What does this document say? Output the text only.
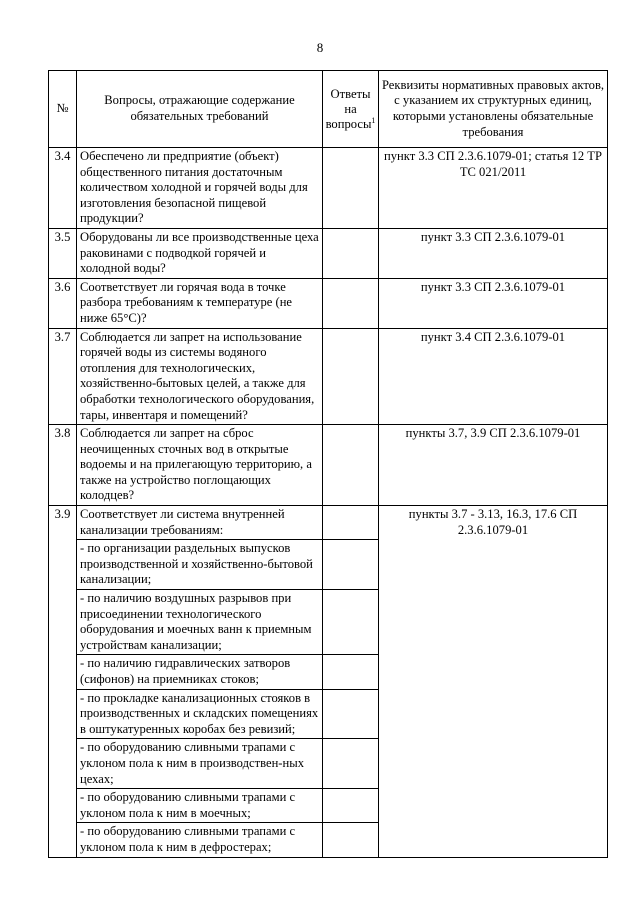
8
№	Вопросы, отражающие содержание обязательных требований	Ответы на вопросы$^1$	Реквизиты нормативных правовых актов, с указанием их структурных единиц, которыми установлены обязательные требования
3.4	Обеспечено ли предприятие (объект) общественного питания достаточным количеством холодной и горячей воды для изготовления безопасной пищевой продукции?		пункт 3.3 СП 2.3.6.1079-01; статья 12 ТР ТС 021/2011
3.5	Оборудованы ли все производственные цеха раковинами с подводкой горячей и холодной воды?		пункт 3.3 СП 2.3.6.1079-01
3.6	Соответствует ли горячая вода в точке разбора требованиям к температуре (не ниже 65°С)?		пункт 3.3 СП 2.3.6.1079-01
3.7	Соблюдается ли запрет на использование горячей воды из системы водяного отопления для технологических, хозяйственно-бытовых целей, а также для обработки технологического оборудования, тары, инвентаря и помещений?		пункт 3.4 СП 2.3.6.1079-01
3.8	Соблюдается ли запрет на сброс неочищенных сточных вод в открытые водоемы и на прилегающую территорию, а также на устройство поглощающих колодцев?		пункты 3.7, 3.9 СП 2.3.6.1079-01
3.9	Соответствует ли система внутренней канализации требованиям:		пункты 3.7 - 3.13, 16.3, 17.6 СП 2.3.6.1079-01
	- по организации раздельных выпусков производственной и хозяйственно-бытовой канализации;		
	- по наличию воздушных разрывов при присоединении технологического оборудования и моечных ванн к приемным устройствам канализации;		
	- по наличию гидравлических затворов (сифонов) на приемниках стоков;		
	- по прокладке канализационных стояков в производственных и складских помещениях в оштукатуренных коробах без ревизий;		
	- по оборудованию сливными трапами с уклоном пола к ним в производствен-ных цехах;		
	- по оборудованию сливными трапами с уклоном пола к ним в моечных;		
	- по оборудованию сливными трапами с уклоном пола к ним в дефростерах;		
